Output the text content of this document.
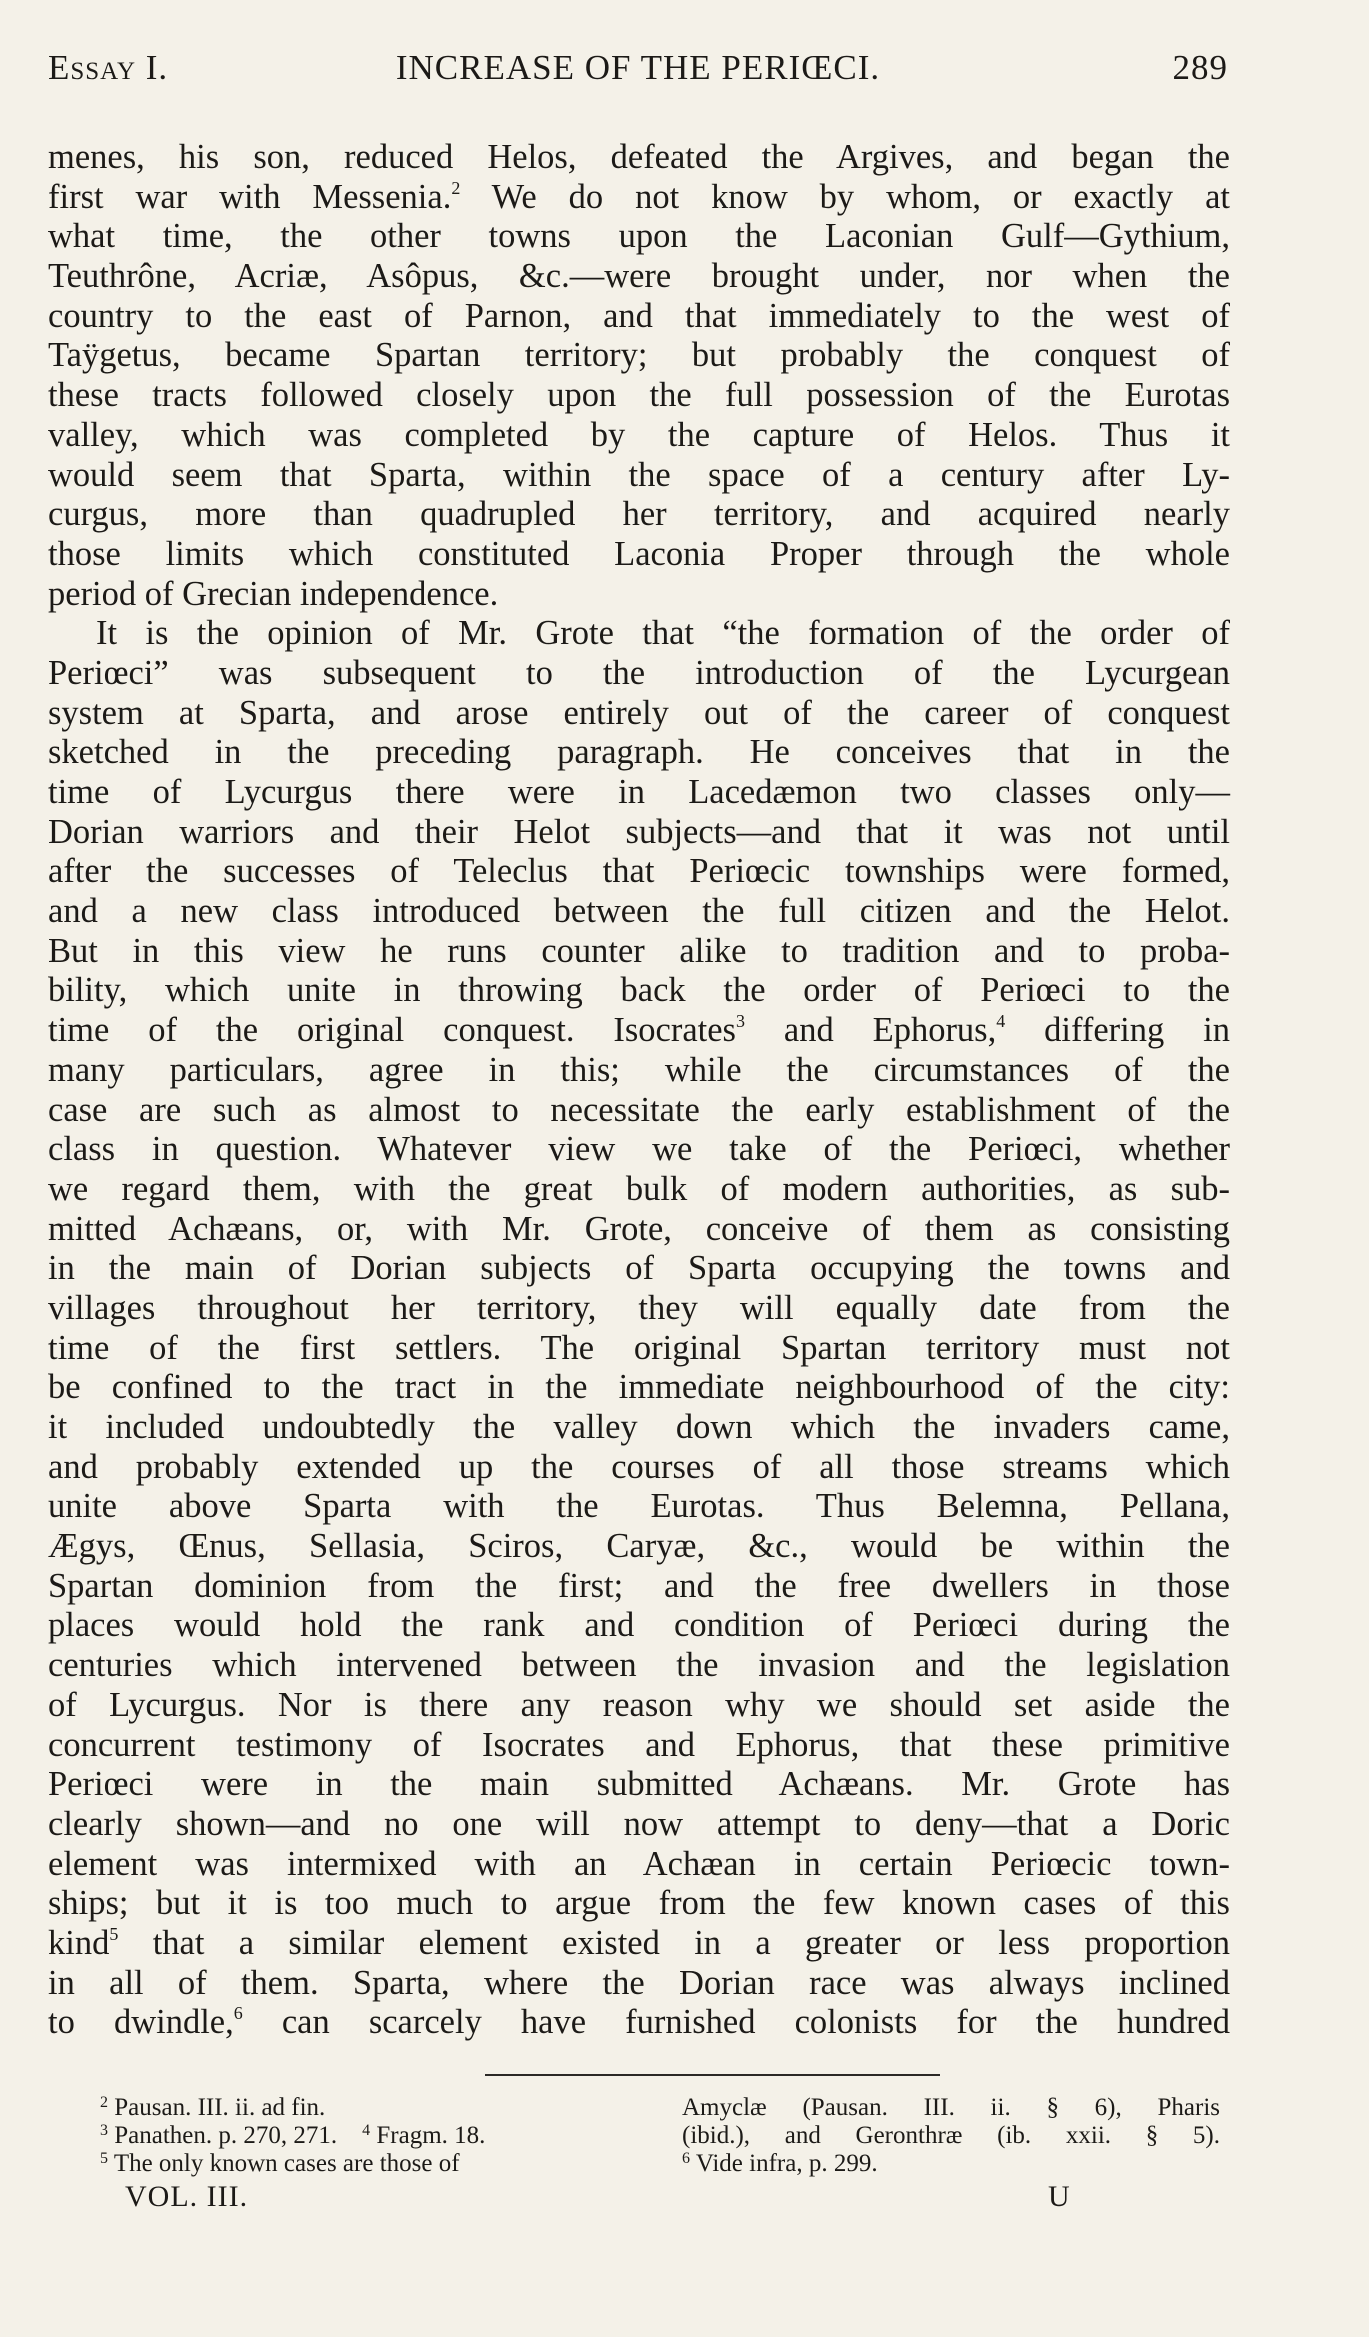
Essay I.	INCREASE OF THE PERIŒCI.	289
menes, his son, reduced Helos, defeated the Argives, and began the
first war with Messenia.$^2$ We do not know by whom, or exactly at
what time, the other towns upon the Laconian Gulf—Gythium,
Teuthrône, Acriæ, Asôpus, &c.—were brought under, nor when the
country to the east of Parnon, and that immediately to the west of
Taÿgetus, became Spartan territory; but probably the conquest of
these tracts followed closely upon the full possession of the Eurotas
valley, which was completed by the capture of Helos. Thus it
would seem that Sparta, within the space of a century after Ly-
curgus, more than quadrupled her territory, and acquired nearly
those limits which constituted Laconia Proper through the whole
period of Grecian independence.
It is the opinion of Mr. Grote that “the formation of the order of
Periœci” was subsequent to the introduction of the Lycurgean
system at Sparta, and arose entirely out of the career of conquest
sketched in the preceding paragraph. He conceives that in the
time of Lycurgus there were in Lacedæmon two classes only—
Dorian warriors and their Helot subjects—and that it was not until
after the successes of Teleclus that Periœcic townships were formed,
and a new class introduced between the full citizen and the Helot.
But in this view he runs counter alike to tradition and to proba-
bility, which unite in throwing back the order of Periœci to the
time of the original conquest. Isocrates$^3$ and Ephorus,$^4$ differing in
many particulars, agree in this; while the circumstances of the
case are such as almost to necessitate the early establishment of the
class in question. Whatever view we take of the Periœci, whether
we regard them, with the great bulk of modern authorities, as sub-
mitted Achæans, or, with Mr. Grote, conceive of them as consisting
in the main of Dorian subjects of Sparta occupying the towns and
villages throughout her territory, they will equally date from the
time of the first settlers. The original Spartan territory must not
be confined to the tract in the immediate neighbourhood of the city:
it included undoubtedly the valley down which the invaders came,
and probably extended up the courses of all those streams which
unite above Sparta with the Eurotas. Thus Belemna, Pellana,
Ægys, Œnus, Sellasia, Sciros, Caryæ, &c., would be within the
Spartan dominion from the first; and the free dwellers in those
places would hold the rank and condition of Periœci during the
centuries which intervened between the invasion and the legislation
of Lycurgus. Nor is there any reason why we should set aside the
concurrent testimony of Isocrates and Ephorus, that these primitive
Periœci were in the main submitted Achæans. Mr. Grote has
clearly shown—and no one will now attempt to deny—that a Doric
element was intermixed with an Achæan in certain Periœcic town-
ships; but it is too much to argue from the few known cases of this
kind$^5$ that a similar element existed in a greater or less proportion
in all of them. Sparta, where the Dorian race was always inclined
to dwindle,$^6$ can scarcely have furnished colonists for the hundred
$^2$ Pausan. III. ii. ad fin.	Amyclæ (Pausan. III. ii. § 6), Pharis
$^3$ Panathen. p. 270, 271. $^4$ Fragm. 18.	(ibid.), and Geronthræ (ib. xxii. § 5).
$^5$ The only known cases are those of	$^6$ Vide infra, p. 299.
VOL. III.	U
